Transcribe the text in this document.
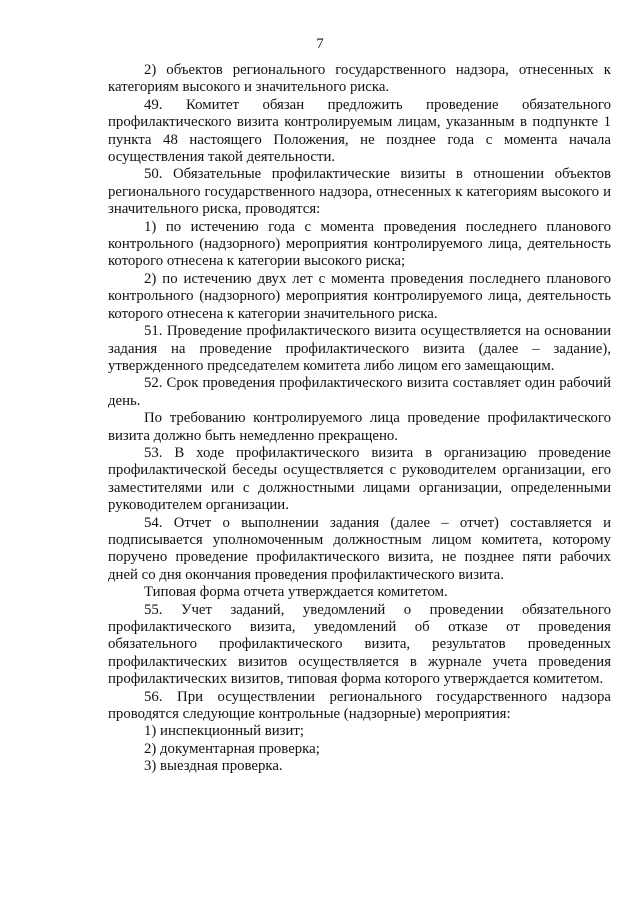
7

2) объектов регионального государственного надзора, отнесенных к категориям высокого и значительного риска.

49. Комитет обязан предложить проведение обязательного профилактического визита контролируемым лицам, указанным в подпункте 1 пункта 48 настоящего Положения, не позднее года с момента начала осуществления такой деятельности.

50. Обязательные профилактические визиты в отношении объектов регионального государственного надзора, отнесенных к категориям высокого и значительного риска, проводятся:

1) по истечению года с момента проведения последнего планового контрольного (надзорного) мероприятия контролируемого лица, деятельность которого отнесена к категории высокого риска;

2) по истечению двух лет с момента проведения последнего планового контрольного (надзорного) мероприятия контролируемого лица, деятельность которого отнесена к категории значительного риска.

51. Проведение профилактического визита осуществляется на основании задания на проведение профилактического визита (далее – задание), утвержденного председателем комитета либо лицом его замещающим.

52. Срок проведения профилактического визита составляет один рабочий день.

По требованию контролируемого лица проведение профилактического визита должно быть немедленно прекращено.

53. В ходе профилактического визита в организацию проведение профилактической беседы осуществляется с руководителем организации, его заместителями или с должностными лицами организации, определенными руководителем организации.

54. Отчет о выполнении задания (далее – отчет) составляется и подписывается уполномоченным должностным лицом комитета, которому поручено проведение профилактического визита, не позднее пяти рабочих дней со дня окончания проведения профилактического визита.

Типовая форма отчета утверждается комитетом.

55. Учет заданий, уведомлений о проведении обязательного профилактического визита, уведомлений об отказе от проведения обязательного профилактического визита, результатов проведенных профилактических визитов осуществляется в журнале учета проведения профилактических визитов, типовая форма которого утверждается комитетом.

56. При осуществлении регионального государственного надзора проводятся следующие контрольные (надзорные) мероприятия:

1) инспекционный визит;

2) документарная проверка;

3) выездная проверка.
